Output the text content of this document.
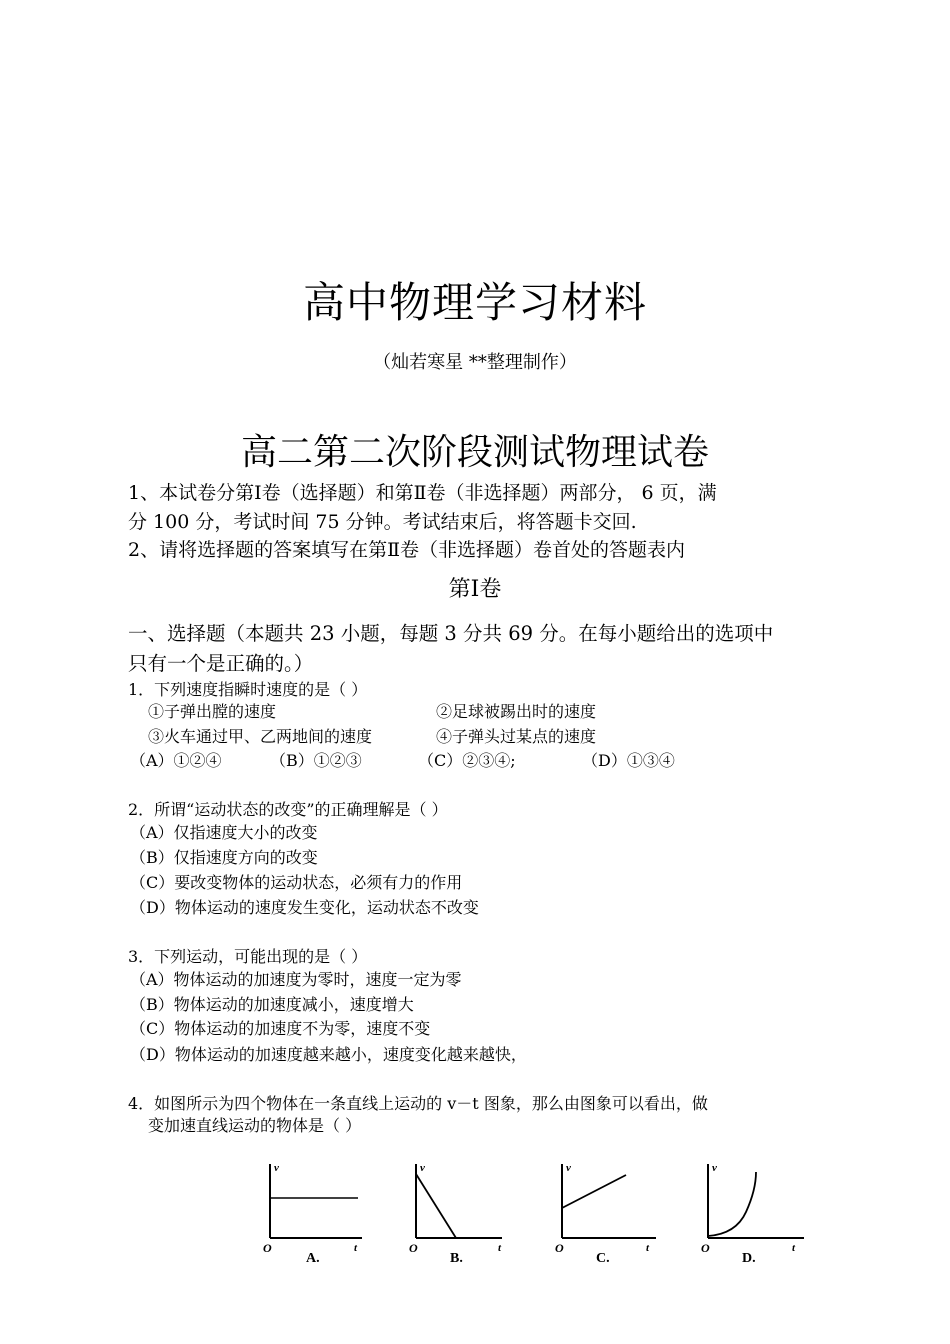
高中物理学习材料
（灿若寒星 **整理制作）
高二第二次阶段测试物理试卷
1、本试卷分第Ⅰ卷（选择题）和第Ⅱ卷（非选择题）两部分， 6 页，满
分 100 分，考试时间 75 分钟。考试结束后，将答题卡交回.
2、请将选择题的答案填写在第Ⅱ卷（非选择题）卷首处的答题表内
第Ⅰ卷
一、选择题（本题共 23 小题，每题 3 分共 69 分。在每小题给出的选项中
只有一个是正确的。）
1．下列速度指瞬时速度的是（ ）
①子弹出膛的速度	②足球被踢出时的速度
③火车通过甲、乙两地间的速度	④子弹头过某点的速度
（A）①②④	（B）①②③	（C）②③④;	（D）①③④
2．所谓“运动状态的改变”的正确理解是（ ）
（A）仅指速度大小的改变
（B）仅指速度方向的改变
（C）要改变物体的运动状态，必须有力的作用
（D）物体运动的速度发生变化，运动状态不改变
3．下列运动，可能出现的是（ ）
（A）物体运动的加速度为零时，速度一定为零
（B）物体运动的加速度减小，速度增大
（C）物体运动的加速度不为零，速度不变
（D）物体运动的加速度越来越小，速度变化越来越快，
4．如图所示为四个物体在一条直线上运动的 v－t 图象，那么由图象可以看出，做
变加速直线运动的物体是（ ）
v
t
O
A.
v
t
O
B.
v
t
O
C.
v
t
O
D.
